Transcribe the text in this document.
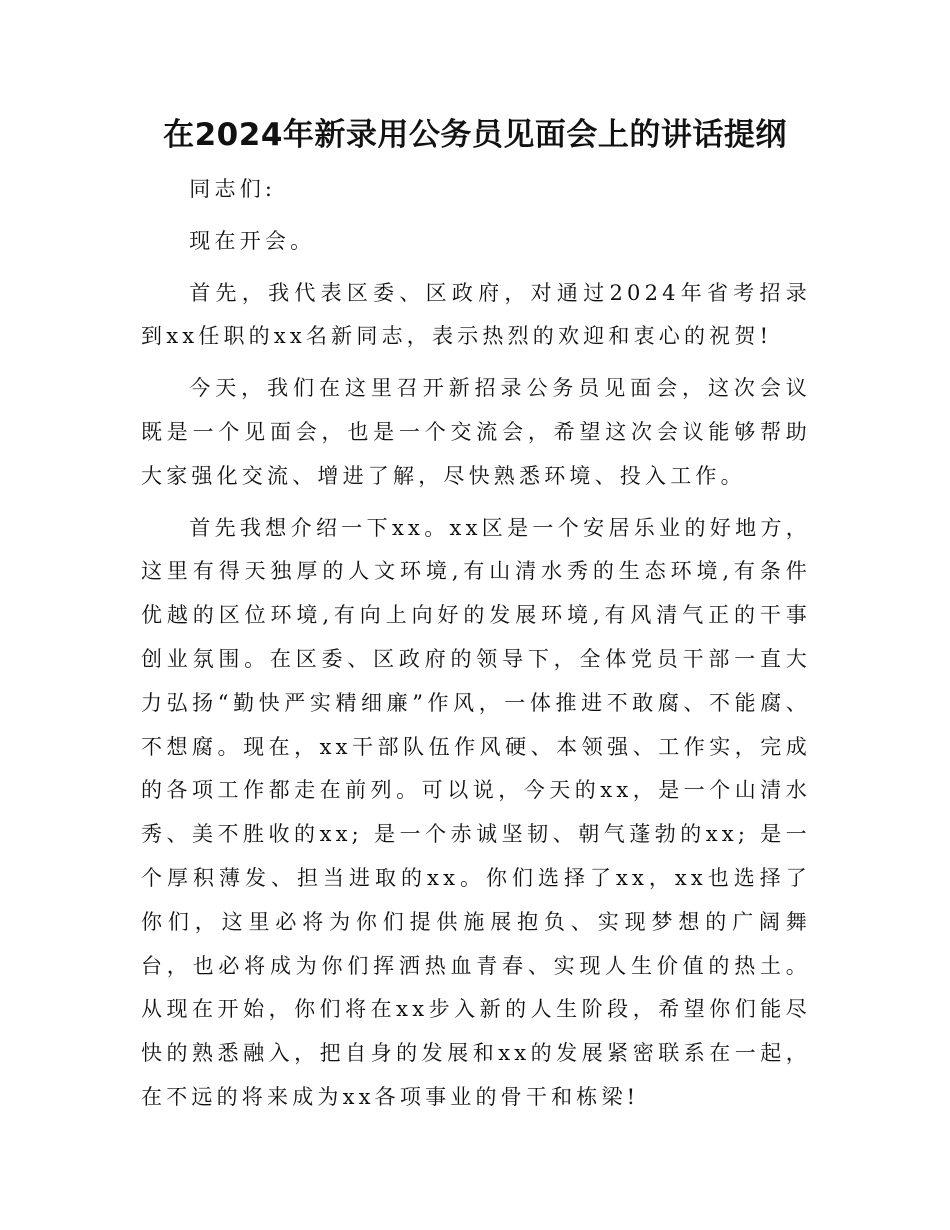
在2024年新录用公务员见面会上的讲话提纲

同志们:

现在开会。

首先，我代表区委、区政府，对通过2024年省考招录到xx任职的xx名新同志，表示热烈的欢迎和衷心的祝贺!

今天，我们在这里召开新招录公务员见面会，这次会议既是一个见面会，也是一个交流会，希望这次会议能够帮助大家强化交流、增进了解，尽快熟悉环境、投入工作。

首先我想介绍一下xx。xx区是一个安居乐业的好地方，这里有得天独厚的人文环境,有山清水秀的生态环境,有条件优越的区位环境,有向上向好的发展环境,有风清气正的干事创业氛围。在区委、区政府的领导下，全体党员干部一直大力弘扬“勤快严实精细廉”作风，一体推进不敢腐、不能腐、不想腐。现在，xx干部队伍作风硬、本领强、工作实，完成的各项工作都走在前列。可以说，今天的xx，是一个山清水秀、美不胜收的xx; 是一个赤诚坚韧、朝气蓬勃的xx; 是一个厚积薄发、担当进取的xx。你们选择了xx，xx也选择了你们，这里必将为你们提供施展抱负、实现梦想的广阔舞台，也必将成为你们挥洒热血青春、实现人生价值的热土。从现在开始，你们将在xx步入新的人生阶段，希望你们能尽快的熟悉融入，把自身的发展和xx的发展紧密联系在一起，在不远的将来成为xx各项事业的骨干和栋梁!
